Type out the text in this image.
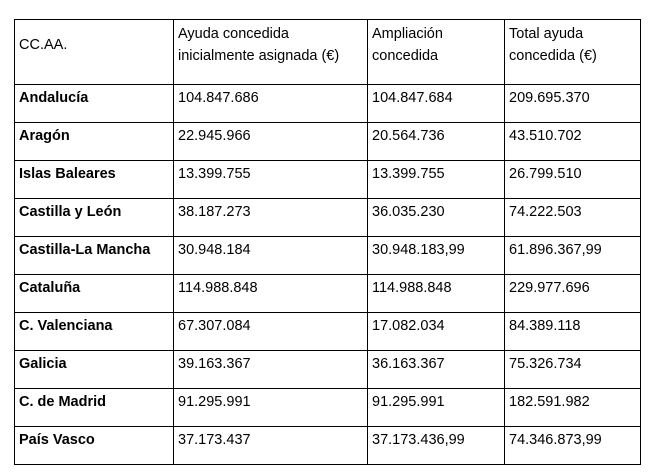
CC.AA.	Ayuda concedida inicialmente asignada (€)	Ampliación concedida	Total ayuda concedida (€)
Andalucía	104.847.686	104.847.684	209.695.370
Aragón	22.945.966	20.564.736	43.510.702
Islas Baleares	13.399.755	13.399.755	26.799.510
Castilla y León	38.187.273	36.035.230	74.222.503
Castilla-La Mancha	30.948.184	30.948.183,99	61.896.367,99
Cataluña	114.988.848	114.988.848	229.977.696
C. Valenciana	67.307.084	17.082.034	84.389.118
Galicia	39.163.367	36.163.367	75.326.734
C. de Madrid	91.295.991	91.295.991	182.591.982
País Vasco	37.173.437	37.173.436,99	74.346.873,99
